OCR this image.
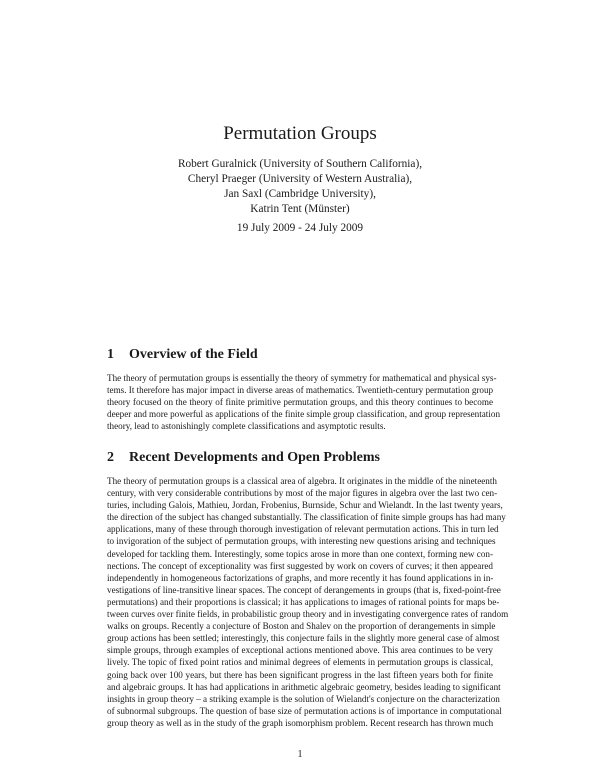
Permutation Groups
Robert Guralnick (University of Southern California),
Cheryl Praeger (University of Western Australia),
Jan Saxl (Cambridge University),
Katrin Tent (Münster)
19 July 2009 - 24 July 2009
1 Overview of the Field
The theory of permutation groups is essentially the theory of symmetry for mathematical and physical sys-
tems. It therefore has major impact in diverse areas of mathematics. Twentieth-century permutation group
theory focused on the theory of finite primitive permutation groups, and this theory continues to become
deeper and more powerful as applications of the finite simple group classification, and group representation
theory, lead to astonishingly complete classifications and asymptotic results.
2 Recent Developments and Open Problems
The theory of permutation groups is a classical area of algebra. It originates in the middle of the nineteenth
century, with very considerable contributions by most of the major figures in algebra over the last two cen-
turies, including Galois, Mathieu, Jordan, Frobenius, Burnside, Schur and Wielandt. In the last twenty years,
the direction of the subject has changed substantially. The classification of finite simple groups has had many
applications, many of these through thorough investigation of relevant permutation actions. This in turn led
to invigoration of the subject of permutation groups, with interesting new questions arising and techniques
developed for tackling them. Interestingly, some topics arose in more than one context, forming new con-
nections. The concept of exceptionality was first suggested by work on covers of curves; it then appeared
independently in homogeneous factorizations of graphs, and more recently it has found applications in in-
vestigations of line-transitive linear spaces. The concept of derangements in groups (that is, fixed-point-free
permutations) and their proportions is classical; it has applications to images of rational points for maps be-
tween curves over finite fields, in probabilistic group theory and in investigating convergence rates of random
walks on groups. Recently a conjecture of Boston and Shalev on the proportion of derangements in simple
group actions has been settled; interestingly, this conjecture fails in the slightly more general case of almost
simple groups, through examples of exceptional actions mentioned above. This area continues to be very
lively. The topic of fixed point ratios and minimal degrees of elements in permutation groups is classical,
going back over 100 years, but there has been significant progress in the last fifteen years both for finite
and algebraic groups. It has had applications in arithmetic algebraic geometry, besides leading to significant
insights in group theory – a striking example is the solution of Wielandt's conjecture on the characterization
of subnormal subgroups. The question of base size of permutation actions is of importance in computational
group theory as well as in the study of the graph isomorphism problem. Recent research has thrown much
1
